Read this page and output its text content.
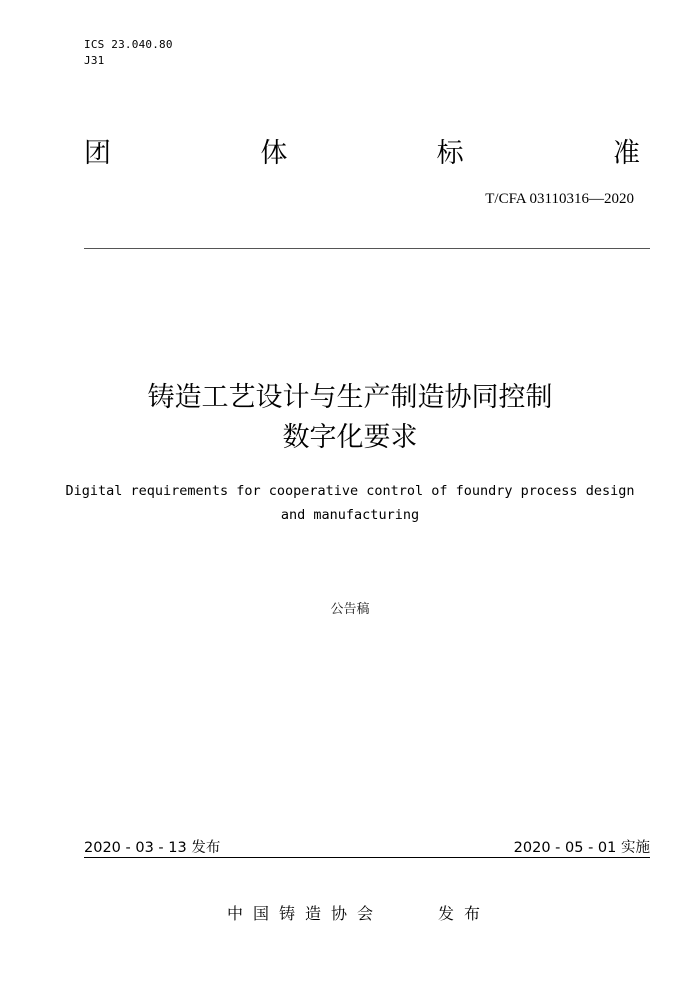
ICS 23.040.80
J31
团	体	标	准
T/CFA 03110316—2020
铸造工艺设计与生产制造协同控制
数字化要求
Digital requirements for cooperative control of foundry process design
and manufacturing
公告稿
2020 - 03 - 13 发布	2020 - 05 - 01 实施
中国铸造协会	发布
